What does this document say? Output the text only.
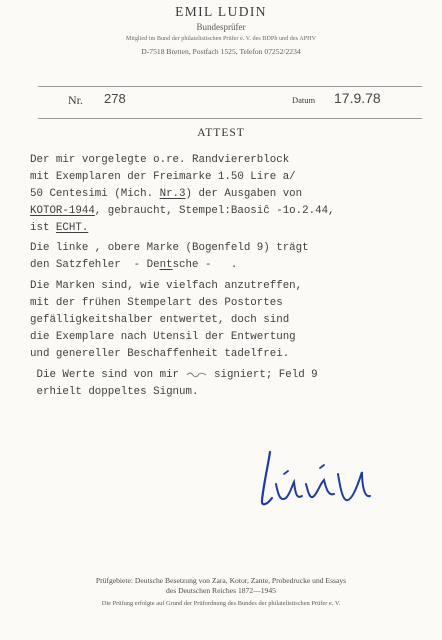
EMIL LUDIN
Bundesprüfer
Mitglied im Bund der philatelistischen Prüfer e. V. des BDPh und des APHV
D-7518 Bretten, Postfach 1525, Telefon 07252/2234
Nr. 278	Datum 17.9.78
ATTEST
Der mir vorgelegte o.re. Randviererblock
mit Exemplaren der Freimarke 1.50 Lire a/
50 Centesimi (Mich. Nr.3) der Ausgaben von
KOTOR-1944, gebraucht, Stempel:Baosiĉ -1o.2.44,
ist ECHT.
Die linke , obere Marke (Bogenfeld 9) trägt
den Satzfehler  - Dentsche -   .
Die Marken sind, wie vielfach anzutreffen,
mit der frühen Stempelart des Postortes
gefälligkeitshalber entwertet, doch sind
die Exemplare nach Utensil der Entwertung
und genereller Beschaffenheit tadelfrei.
Die Werte sind von mir  signiert; Feld 9
erhielt doppeltes Signum.
Prüfgebiete: Deutsche Besetzung von Zara, Kotor, Zante, Probedrucke und Essays
des Deutschen Reiches 1872—1945
Die Prüfung erfolgte auf Grund der Prüfordnung des Bundes der philatelistischen Prüfer e. V.
